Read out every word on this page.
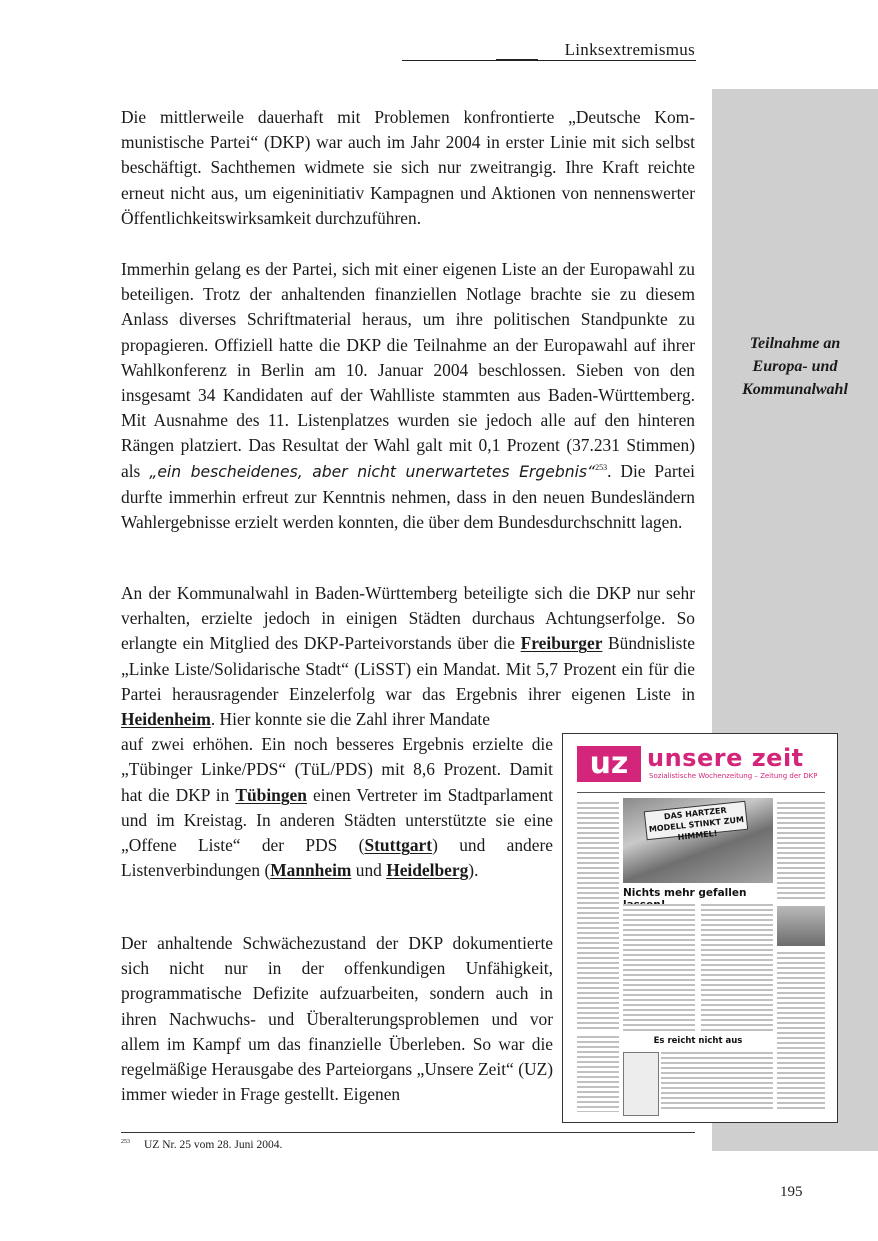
Linksextremismus
Teilnahme an
Europa- und
Kommunalwahl

Die mittlerweile dauerhaft mit Problemen konfrontierte „Deutsche Kommunistische Partei“ (DKP) war auch im Jahr 2004 in erster Linie mit sich selbst beschäftigt. Sachthemen widmete sie sich nur zweitrangig. Ihre Kraft reichte erneut nicht aus, um eigeninitiativ Kampagnen und Aktionen von nennenswerter Öffentlichkeitswirksamkeit durchzuführen.

Immerhin gelang es der Partei, sich mit einer eigenen Liste an der Europawahl zu beteiligen. Trotz der anhaltenden finanziellen Notlage brachte sie zu diesem Anlass diverses Schriftmaterial heraus, um ihre politischen Standpunkte zu propagieren. Offiziell hatte die DKP die Teilnahme an der Europawahl auf ihrer Wahlkonferenz in Berlin am 10. Januar 2004 beschlossen. Sieben von den insgesamt 34 Kandidaten auf der Wahlliste stammten aus Baden-Württemberg. Mit Ausnahme des 11. Listenplatzes wurden sie jedoch alle auf den hinteren Rängen platziert. Das Resultat der Wahl galt mit 0,1 Prozent (37.231 Stimmen) als „ein bescheidenes, aber nicht unerwartetes Ergebnis“$^{253}$. Die Partei durfte immerhin erfreut zur Kenntnis nehmen, dass in den neuen Bundesländern Wahlergebnisse erzielt werden konnten, die über dem Bundesdurchschnitt lagen.

An der Kommunalwahl in Baden-Württemberg beteiligte sich die DKP nur sehr verhalten, erzielte jedoch in einigen Städten durchaus Achtungserfolge. So erlangte ein Mitglied des DKP-Parteivorstands über die Freiburger Bündnisliste „Linke Liste/Solidarische Stadt“ (LiSST) ein Mandat. Mit 5,7 Prozent ein für die Partei herausragender Einzelerfolg war das Ergebnis ihrer eigenen Liste in Heidenheim. Hier konnte sie die Zahl ihrer Mandate

auf zwei erhöhen. Ein noch besseres Ergebnis erzielte die „Tübinger Linke/PDS“ (TüL/PDS) mit 8,6 Prozent. Damit hat die DKP in Tübingen einen Vertreter im Stadtparlament und im Kreistag. In anderen Städten unterstützte sie eine „Offene Liste“ der PDS (Stuttgart) und andere Listenverbindungen (Mannheim und Heidelberg).

Der anhaltende Schwächezustand der DKP dokumentierte sich nicht nur in der offenkundigen Unfähigkeit, programmatische Defizite aufzuarbeiten, sondern auch in ihren Nachwuchs- und Überalterungsproblemen und vor allem im Kampf um das finanzielle Überleben. So war die regelmäßige Herausgabe des Parteiorgans „Unsere Zeit“ (UZ) immer wieder in Frage gestellt. Eigenen

uz unsere zeit
Sozialistische Wochenzeitung – Zeitung der DKP
DAS HARTZER MODELL STINKT ZUM HIMMEL!
Nichts mehr gefallen
Es reicht nicht aus
$^{253}$ UZ Nr. 25 vom 28. Juni 2004.
195
